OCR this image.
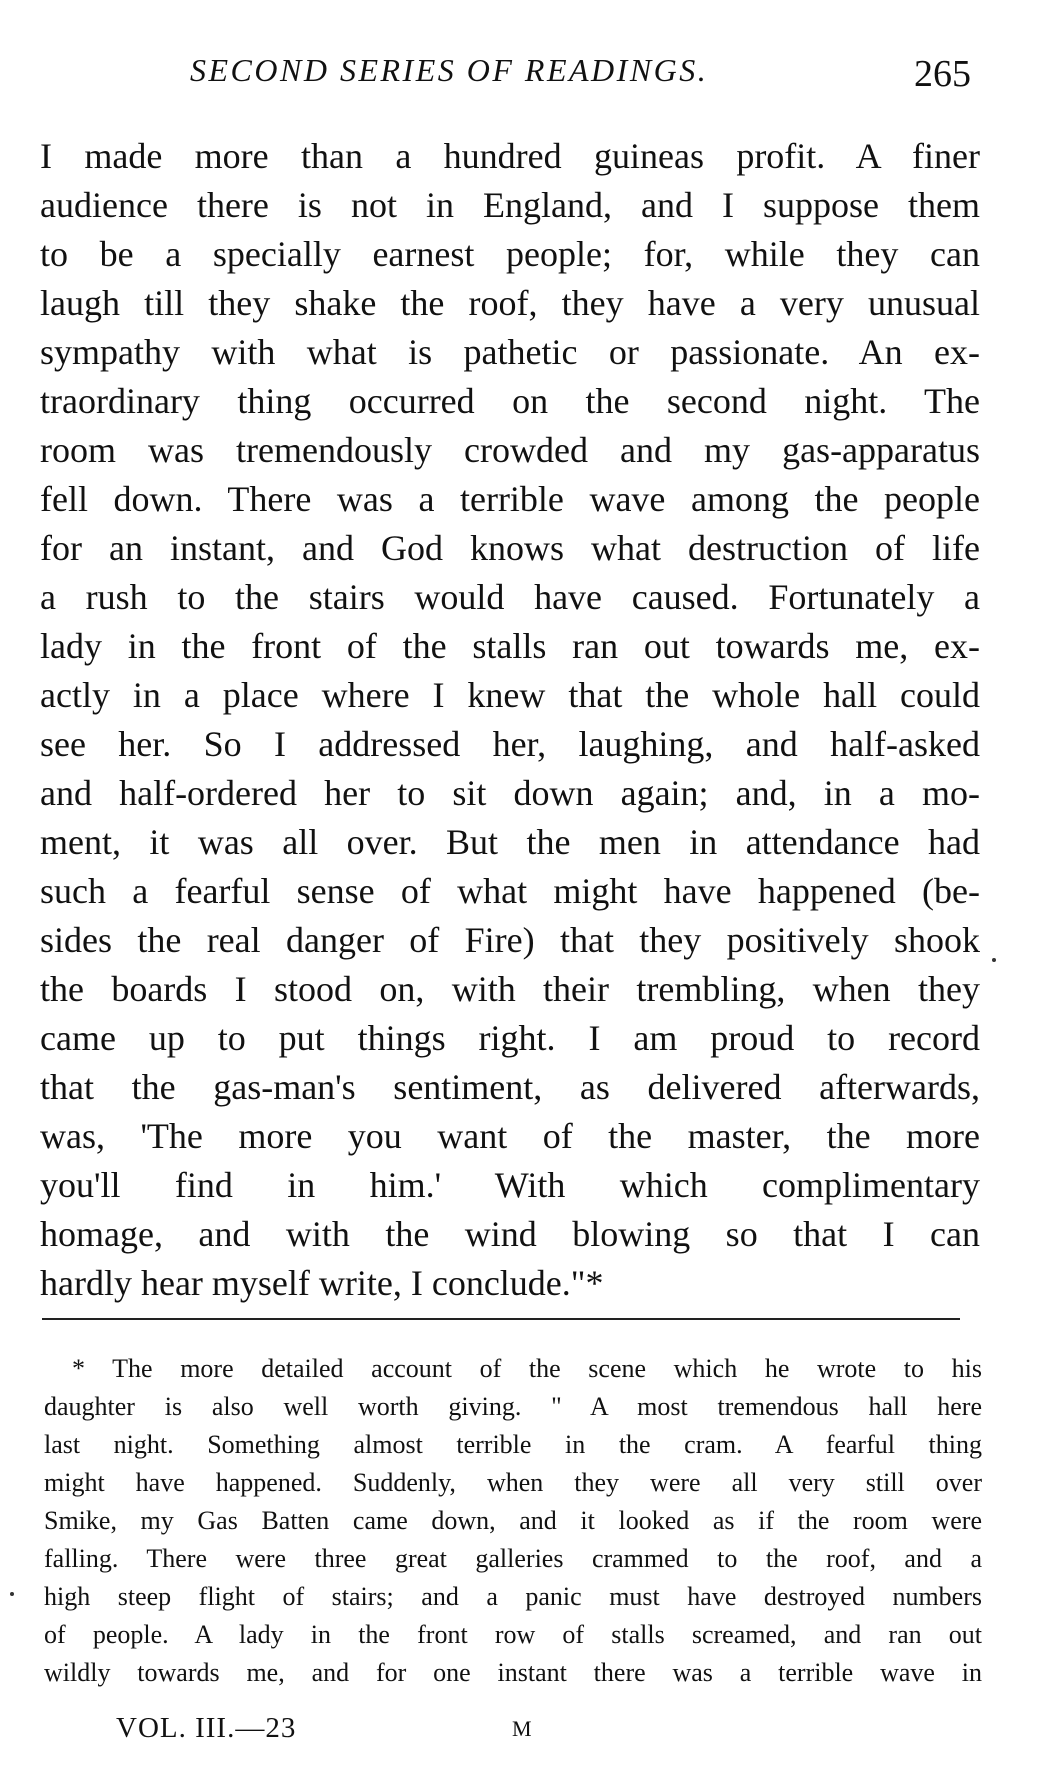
SECOND SERIES OF READINGS.	265
I made more than a hundred guineas profit. A finer
audience there is not in England, and I suppose them
to be a specially earnest people; for, while they can
laugh till they shake the roof, they have a very unusual
sympathy with what is pathetic or passionate. An ex-
traordinary thing occurred on the second night. The
room was tremendously crowded and my gas-apparatus
fell down. There was a terrible wave among the people
for an instant, and God knows what destruction of life
a rush to the stairs would have caused. Fortunately a
lady in the front of the stalls ran out towards me, ex-
actly in a place where I knew that the whole hall could
see her. So I addressed her, laughing, and half-asked
and half-ordered her to sit down again; and, in a mo-
ment, it was all over. But the men in attendance had
such a fearful sense of what might have happened (be-
sides the real danger of Fire) that they positively shook
the boards I stood on, with their trembling, when they
came up to put things right. I am proud to record
that the gas-man's sentiment, as delivered afterwards,
was, 'The more you want of the master, the more
you'll find in him.' With which complimentary
homage, and with the wind blowing so that I can
hardly hear myself write, I conclude."*
* The more detailed account of the scene which he wrote to his
daughter is also well worth giving. " A most tremendous hall here
last night. Something almost terrible in the cram. A fearful thing
might have happened. Suddenly, when they were all very still over
Smike, my Gas Batten came down, and it looked as if the room were
falling. There were three great galleries crammed to the roof, and a
high steep flight of stairs; and a panic must have destroyed numbers
of people. A lady in the front row of stalls screamed, and ran out
wildly towards me, and for one instant there was a terrible wave in
VOL. III.—23	M
